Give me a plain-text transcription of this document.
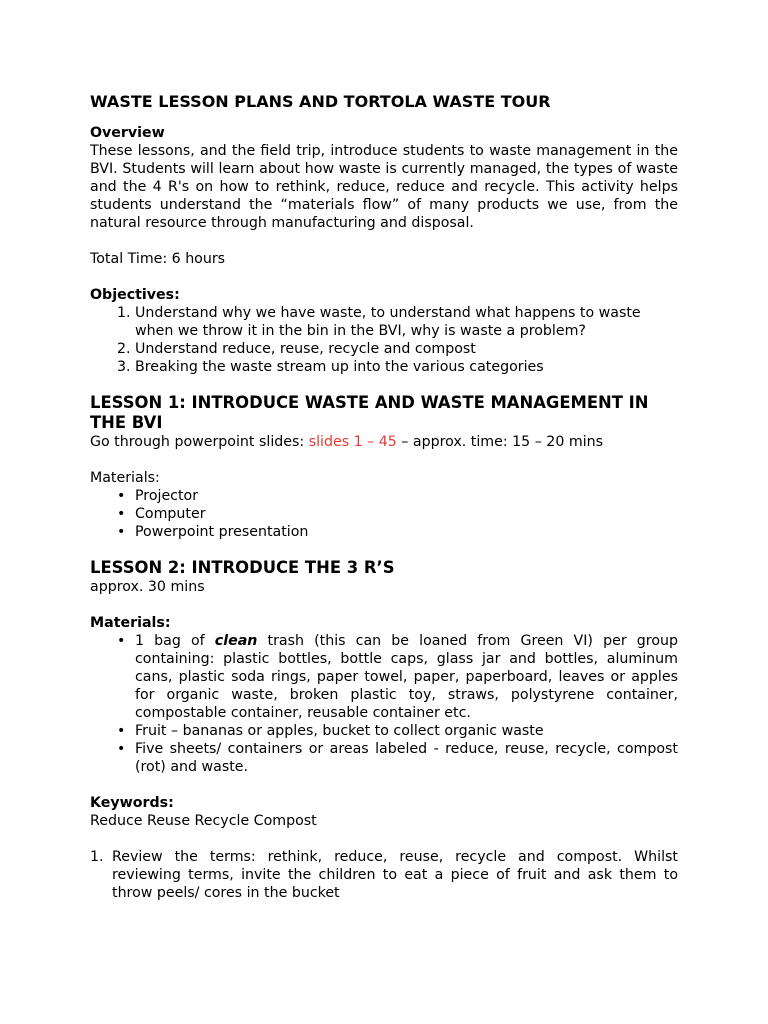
WASTE LESSON PLANS AND TORTOLA WASTE TOUR

Overview

These lessons, and the field trip, introduce students to waste management in the BVI. Students will learn about how waste is currently managed, the types of waste and the 4 R's on how to rethink, reduce, reduce and recycle. This activity helps students understand the “materials flow” of many products we use, from the natural resource through manufacturing and disposal.

Total Time: 6 hours

Objectives:

1. Understand why we have waste, to understand what happens to waste when we throw it in the bin in the BVI, why is waste a problem?
2. Understand reduce, reuse, recycle and compost
3. Breaking the waste stream up into the various categories

LESSON 1: INTRODUCE WASTE AND WASTE MANAGEMENT IN THE BVI

Go through powerpoint slides: slides 1 – 45 – approx. time: 15 – 20 mins

Materials:

• Projector
• Computer
• Powerpoint presentation

LESSON 2: INTRODUCE THE 3 R’S

approx. 30 mins

Materials:

• 1 bag of clean trash (this can be loaned from Green VI) per group containing: plastic bottles, bottle caps, glass jar and bottles, aluminum cans, plastic soda rings, paper towel, paper, paperboard, leaves or apples for organic waste, broken plastic toy, straws, polystyrene container, compostable container, reusable container etc.
• Fruit – bananas or apples, bucket to collect organic waste
• Five sheets/ containers or areas labeled - reduce, reuse, recycle, compost (rot) and waste.

Keywords:

Reduce Reuse Recycle Compost

1. Review the terms: rethink, reduce, reuse, recycle and compost. Whilst reviewing terms, invite the children to eat a piece of fruit and ask them to throw peels/ cores in the bucket
